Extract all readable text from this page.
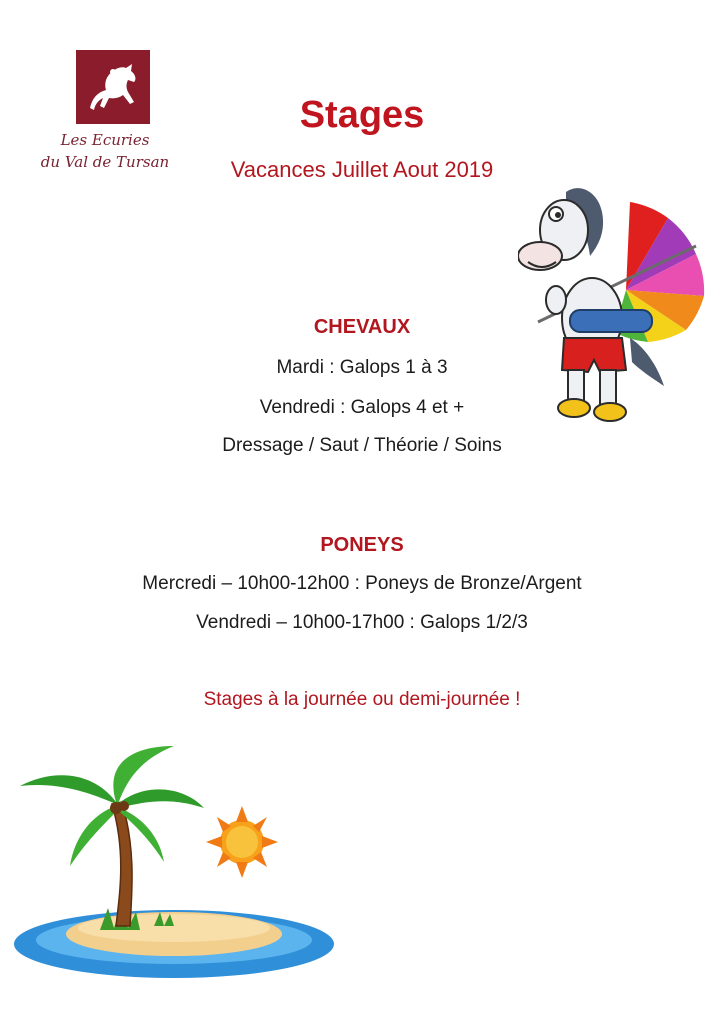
Les Ecuries
du Val de Tursan
Stages
Vacances Juillet Aout 2019
CHEVAUX
Mardi : Galops 1 à 3
Vendredi : Galops 4 et +
Dressage / Saut / Théorie / Soins
PONEYS
Mercredi – 10h00-12h00 : Poneys de Bronze/Argent
Vendredi – 10h00-17h00 : Galops 1/2/3
Stages à la journée ou demi-journée !
